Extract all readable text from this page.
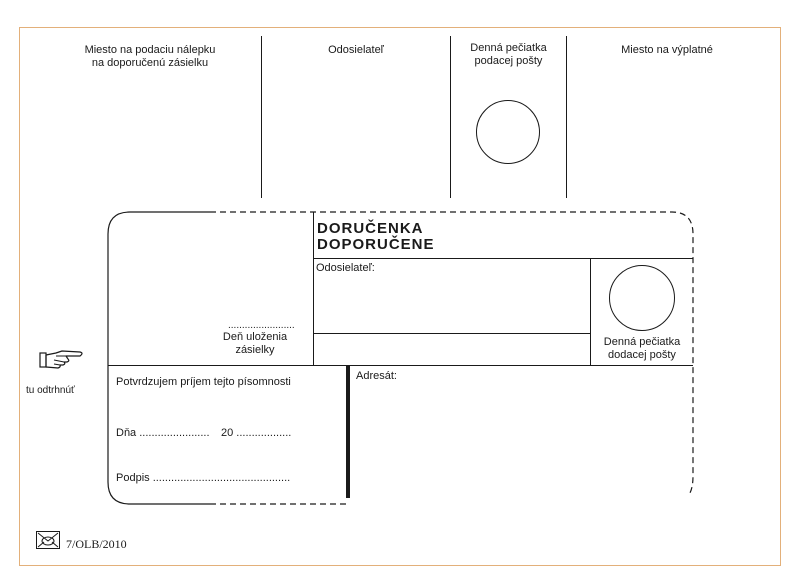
Miesto na podaciu nálepku
na doporučenú zásielku
Odosielateľ	Denná pečiatka
podacej pošty
Miesto na výplatné
DORUČENKA
DOPORUČENE
Odosielateľ:
........................
Deň uloženia
zásielky
Denná pečiatka
dodacej pošty
Potvrdzujem príjem tejto písomnosti
Dňa ....................... 20 ..................
Podpis .............................................
Adresát:
tu odtrhnúť
7/OLB/2010
